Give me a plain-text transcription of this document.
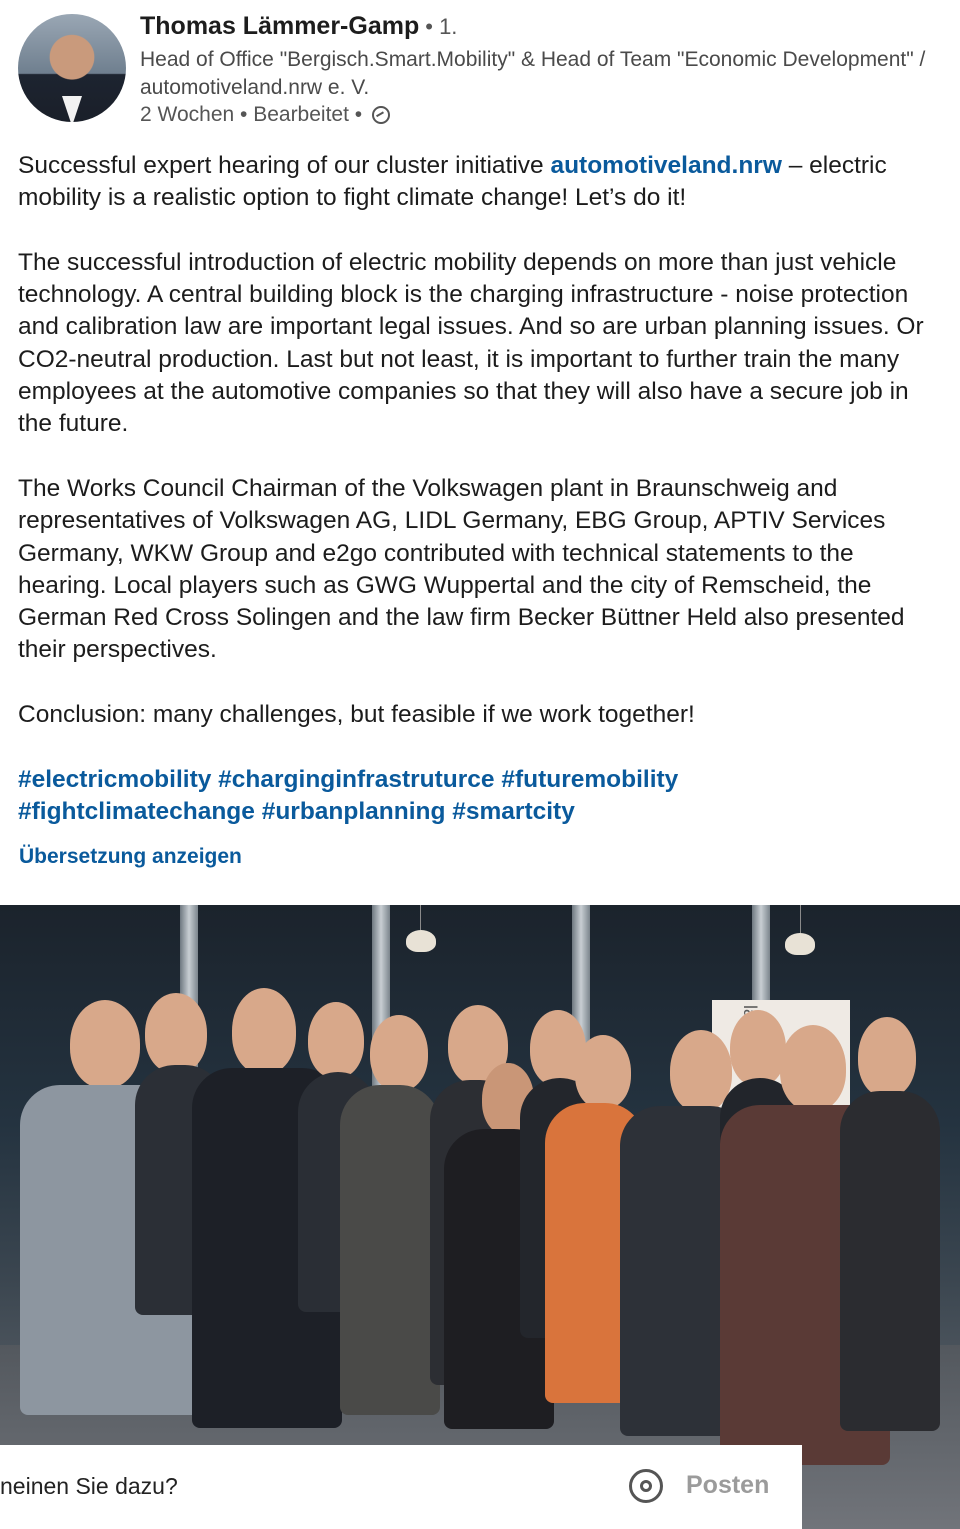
Thomas Lämmer-Gamp • 1.
Head of Office "Bergisch.Smart.Mobility" & Head of Team "Economic Development" / automotiveland.nrw e. V.
2 Wochen • Bearbeitet •

Successful expert hearing of our cluster initiative automotiveland.nrw – electric mobility is a realistic option to fight climate change! Let’s do it!

The successful introduction of electric mobility depends on more than just vehicle technology. A central building block is the charging infrastructure - noise protection and calibration law are important legal issues. And so are urban planning issues. Or CO2-neutral production. Last but not least, it is important to further train the many employees at the automotive companies so that they will also have a secure job in the future.

The Works Council Chairman of the Volkswagen plant in Braunschweig and representatives of Volkswagen AG, LIDL Germany, EBG Group, APTIV Services Germany, WKW Group and e2go contributed with technical statements to the hearing. Local players such as GWG Wuppertal and the city of Remscheid, the German Red Cross Solingen and the law firm Becker Büttner Held also presented their perspectives.

Conclusion: many challenges, but feasible if we work together!

#electricmobility #charginginfrastruturce #futuremobility
#fightclimatechange #urbanplanning #smartcity
Übersetzung anzeigen
neinen Sie dazu?	Posten
